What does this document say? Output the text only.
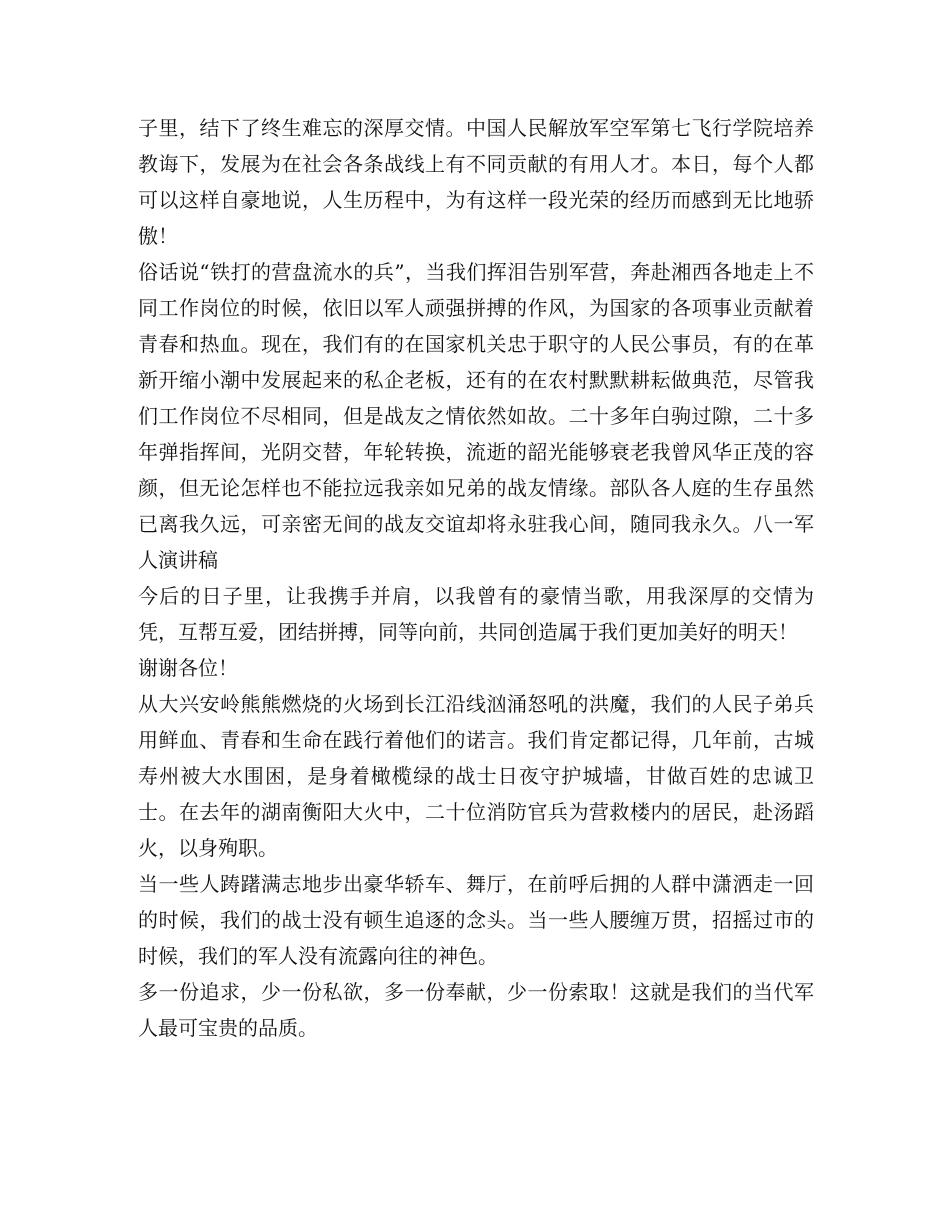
子里，结下了终生难忘的深厚交情。中国人民解放军空军第七飞行学院培养教诲下，发展为在社会各条战线上有不同贡献的有用人才。本日，每个人都可以这样自豪地说，人生历程中，为有这样一段光荣的经历而感到无比地骄傲！

俗话说“铁打的营盘流水的兵”，当我们挥泪告别军营，奔赴湘西各地走上不同工作岗位的时候，依旧以军人顽强拼搏的作风，为国家的各项事业贡献着青春和热血。现在，我们有的在国家机关忠于职守的人民公事员，有的在革新开缩小潮中发展起来的私企老板，还有的在农村默默耕耘做典范，尽管我们工作岗位不尽相同，但是战友之情依然如故。二十多年白驹过隙，二十多年弹指挥间，光阴交替，年轮转换，流逝的韶光能够衰老我曾风华正茂的容颜，但无论怎样也不能拉远我亲如兄弟的战友情缘。部队各人庭的生存虽然已离我久远，可亲密无间的战友交谊却将永驻我心间，随同我永久。八一军人演讲稿

今后的日子里，让我携手并肩，以我曾有的豪情当歌，用我深厚的交情为凭，互帮互爱，团结拼搏，同等向前，共同创造属于我们更加美好的明天！

谢谢各位！

从大兴安岭熊熊燃烧的火场到长江沿线汹涌怒吼的洪魔，我们的人民子弟兵用鲜血、青春和生命在践行着他们的诺言。我们肯定都记得，几年前，古城寿州被大水围困，是身着橄榄绿的战士日夜守护城墙，甘做百姓的忠诚卫士。在去年的湖南衡阳大火中，二十位消防官兵为营救楼内的居民，赴汤蹈火，以身殉职。

当一些人踌躇满志地步出豪华轿车、舞厅，在前呼后拥的人群中潇洒走一回的时候，我们的战士没有顿生追逐的念头。当一些人腰缠万贯，招摇过市的时候，我们的军人没有流露向往的神色。

多一份追求，少一份私欲，多一份奉献，少一份索取！这就是我们的当代军人最可宝贵的品质。
